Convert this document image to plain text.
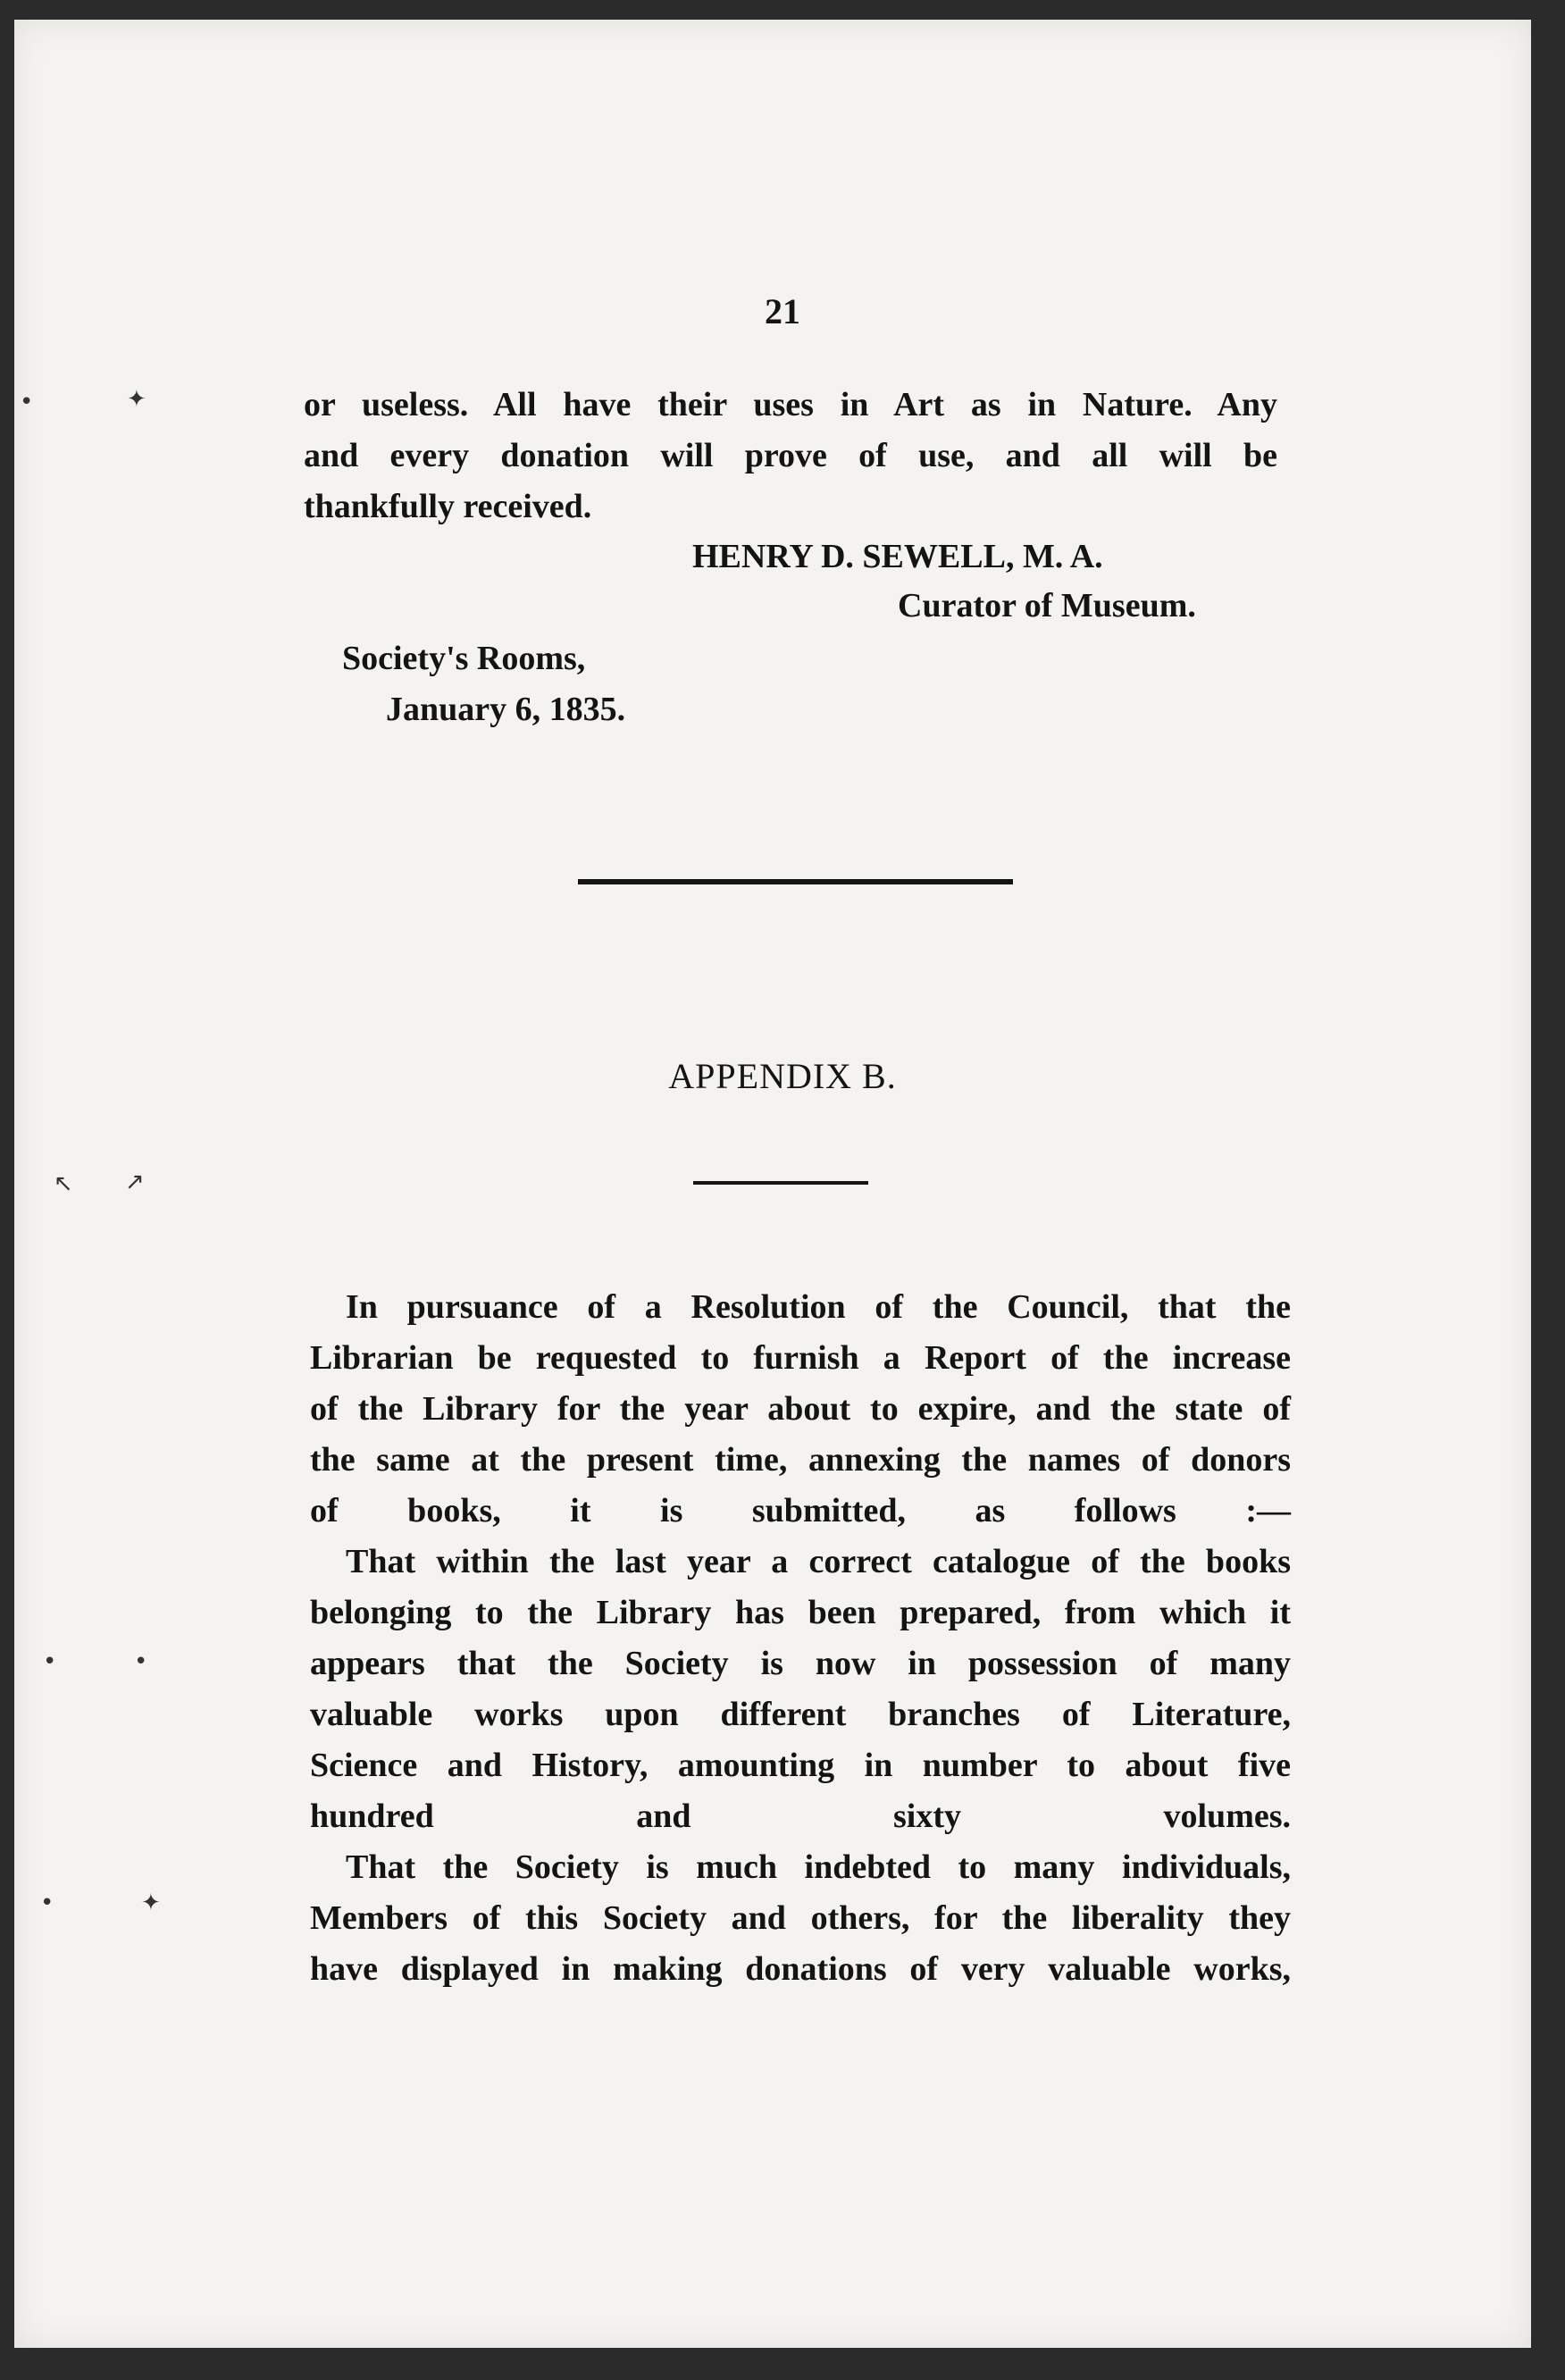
21
or useless. All have their uses in Art as in Nature. Any
and every donation will prove of use, and all will be
thankfully received.
HENRY D. SEWELL, M. A.
Curator of Museum.
Society's Rooms,
January 6, 1835.
APPENDIX B.
In pursuance of a Resolution of the Council, that the
Librarian be requested to furnish a Report of the increase
of the Library for the year about to expire, and the state of
the same at the present time, annexing the names of donors
of books, it is submitted, as follows :—
That within the last year a correct catalogue of the books
belonging to the Library has been prepared, from which it
appears that the Society is now in possession of many
valuable works upon different branches of Literature,
Science and History, amounting in number to about five
hundred and sixty volumes.
That the Society is much indebted to many individuals,
Members of this Society and others, for the liberality they
have displayed in making donations of very valuable works,
•	✦
↖ ↗
•	•
•	✦
